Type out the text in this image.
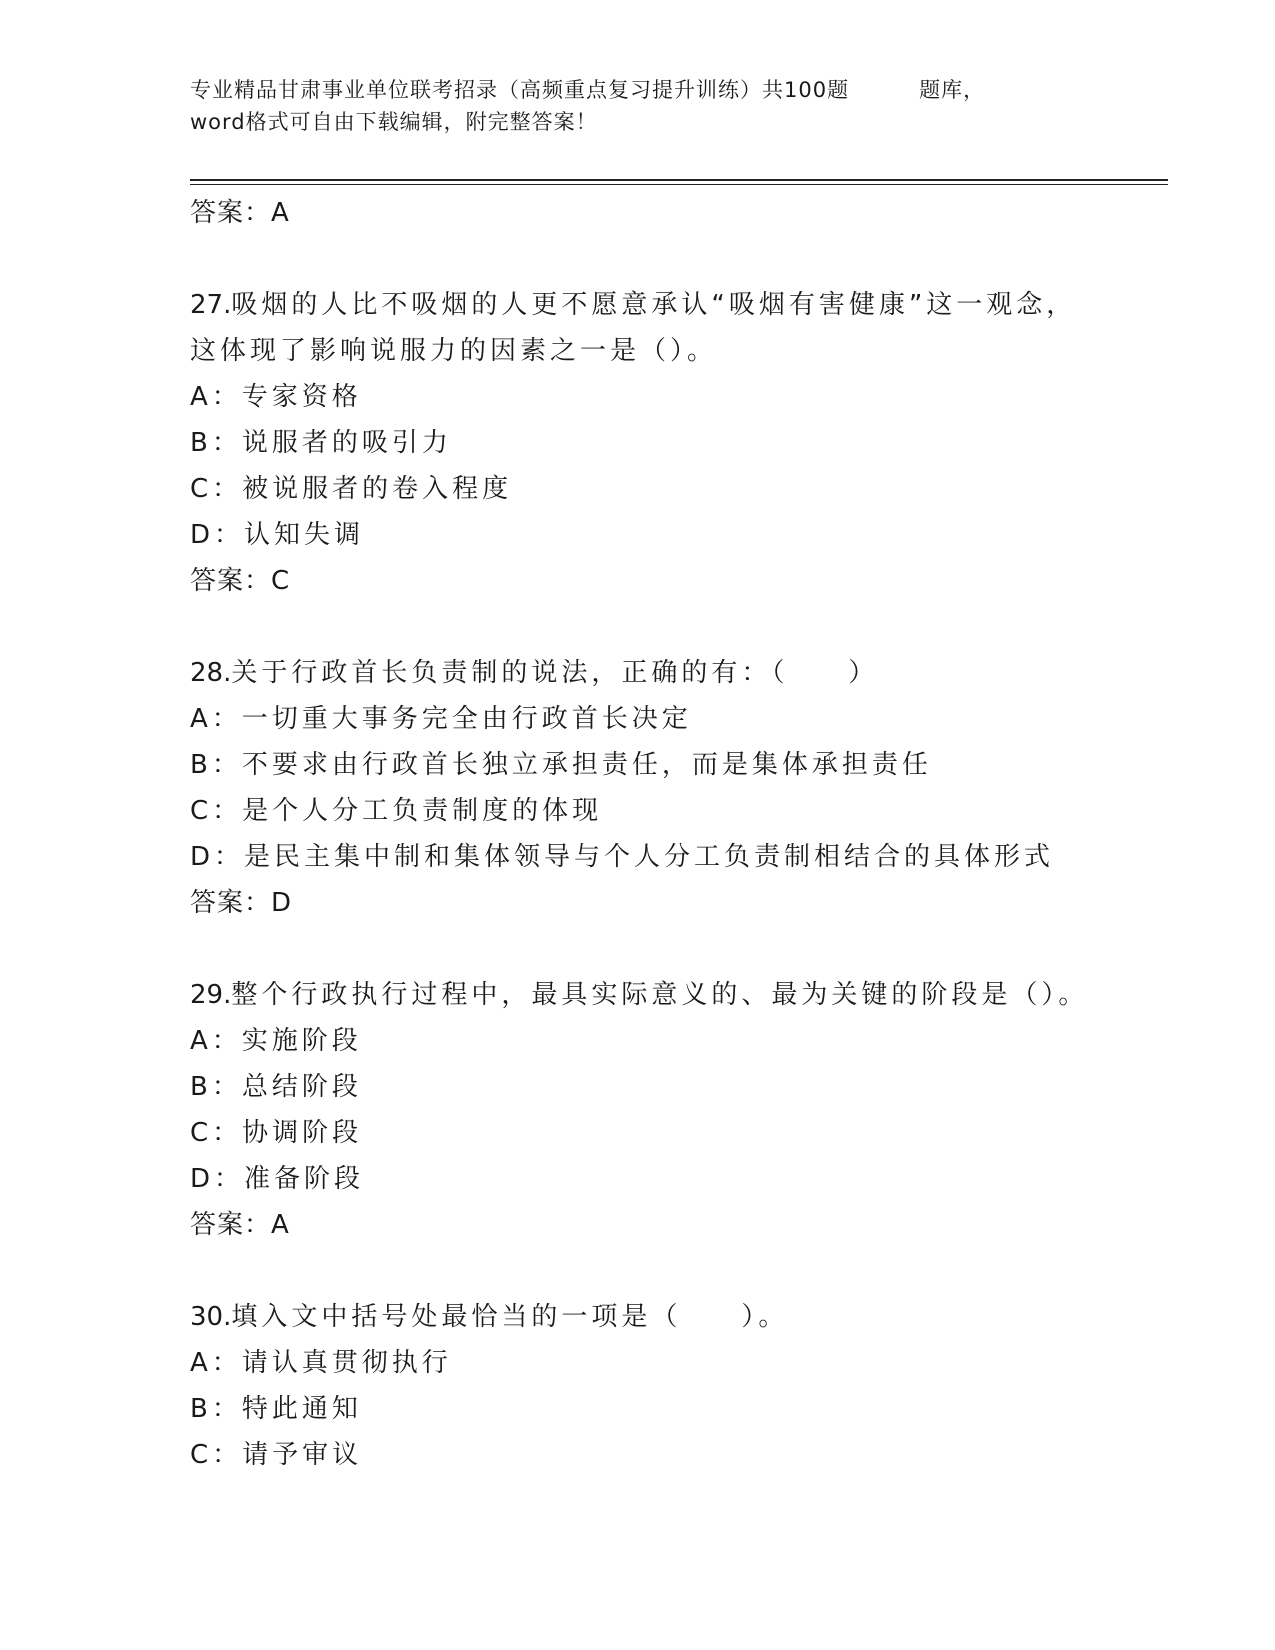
专业精品甘肃事业单位联考招录（高频重点复习提升训练）共100题	题库，
word格式可自由下载编辑，附完整答案！
答案：A
27.吸烟的人比不吸烟的人更不愿意承认“吸烟有害健康”这一观念，
这体现了影响说服力的因素之一是（）。
A：专家资格
B：说服者的吸引力
C：被说服者的卷入程度
D：认知失调
答案：C
28.关于行政首长负责制的说法，正确的有：（　　）
A：一切重大事务完全由行政首长决定
B：不要求由行政首长独立承担责任，而是集体承担责任
C：是个人分工负责制度的体现
D：是民主集中制和集体领导与个人分工负责制相结合的具体形式
答案：D
29.整个行政执行过程中，最具实际意义的、最为关键的阶段是（）。
A：实施阶段
B：总结阶段
C：协调阶段
D：准备阶段
答案：A
30.填入文中括号处最恰当的一项是（　　）。
A：请认真贯彻执行
B：特此通知
C：请予审议
